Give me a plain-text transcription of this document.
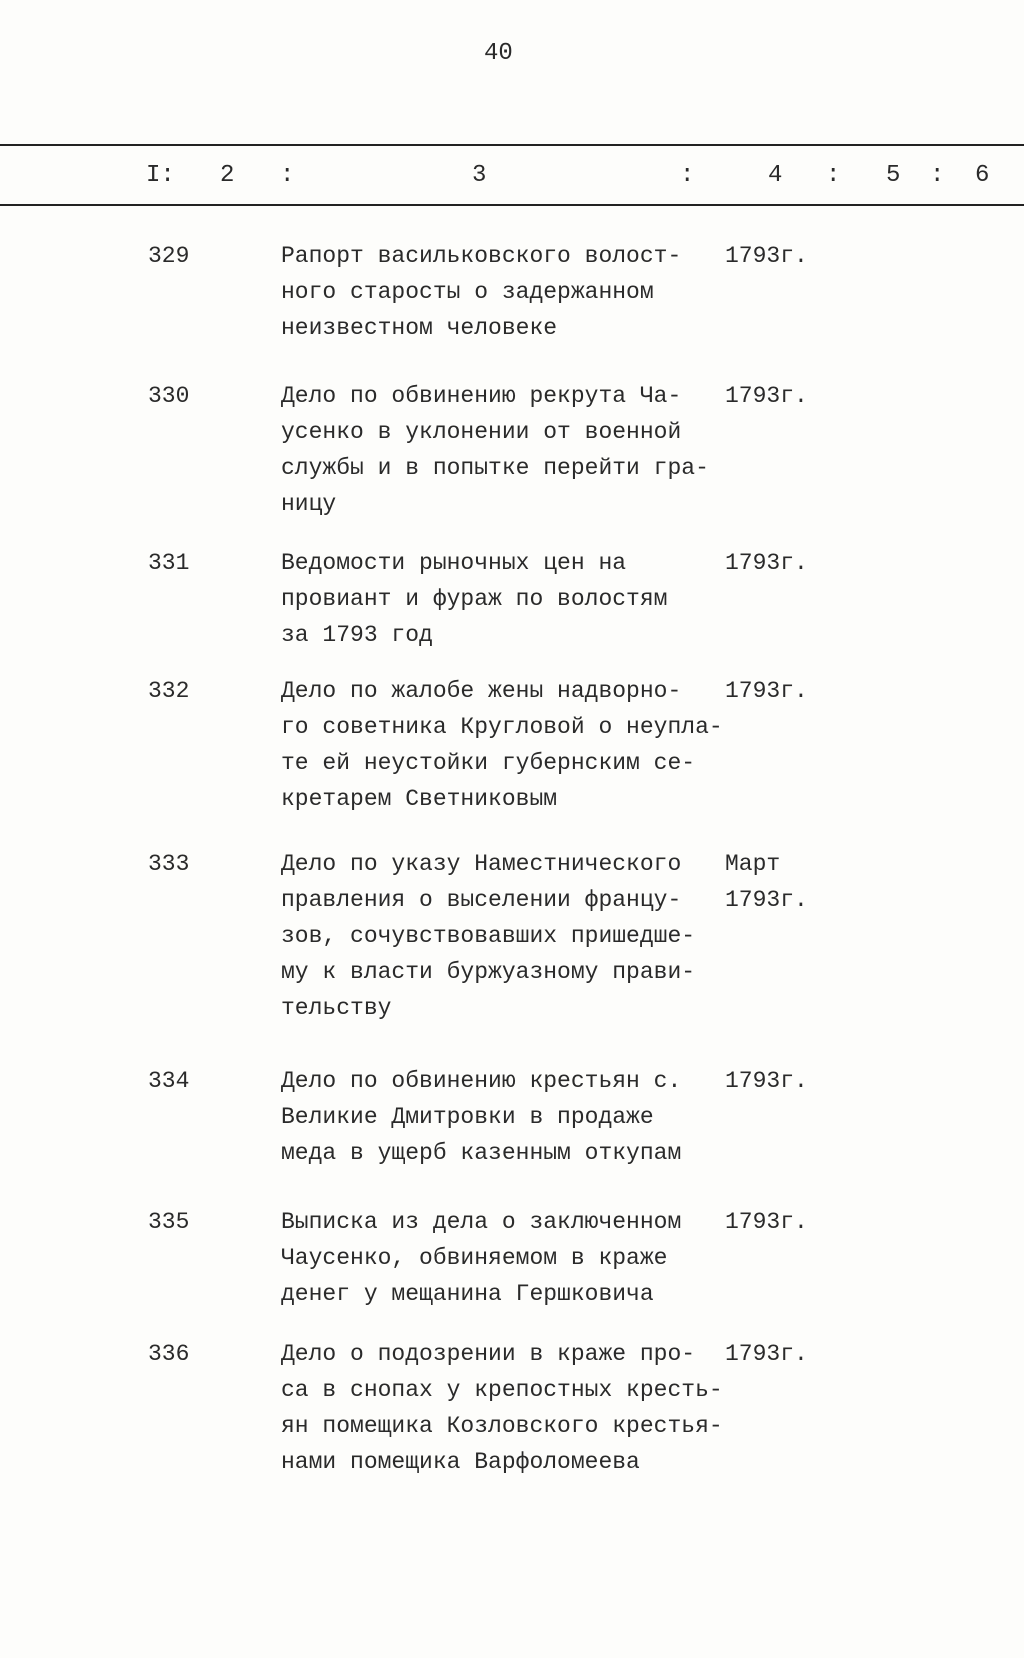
40
I: 2 :	3	:	4 : 5 : 6
329	Рапорт васильковского волост-
ного старосты о задержанном
неизвестном человеке
1793г.
330	Дело по обвинению рекрута Ча-
усенко в уклонении от военной
службы и в попытке перейти гра-
ницу
1793г.
331	Ведомости рыночных цен на
провиант и фураж по волостям
за 1793 год
1793г.
332	Дело по жалобе жены надворно-
го советника Кругловой о неупла-
те ей неустойки губернским се-
кретарем Светниковым
1793г.
333	Дело по указу Наместнического
правления о выселении францу-
зов, сочувствовавших пришедше-
му к власти буржуазному прави-
тельству
Март
1793г.
334	Дело по обвинению крестьян с.
Великие Дмитровки в продаже
меда в ущерб казенным откупам
1793г.
335	Выписка из дела о заключенном
Чаусенко, обвиняемом в краже
денег у мещанина Гершковича
1793г.
336	Дело о подозрении в краже про-
са в снопах у крепостных кресть-
ян помещика Козловского крестья-
нами помещика Варфоломеева
1793г.
